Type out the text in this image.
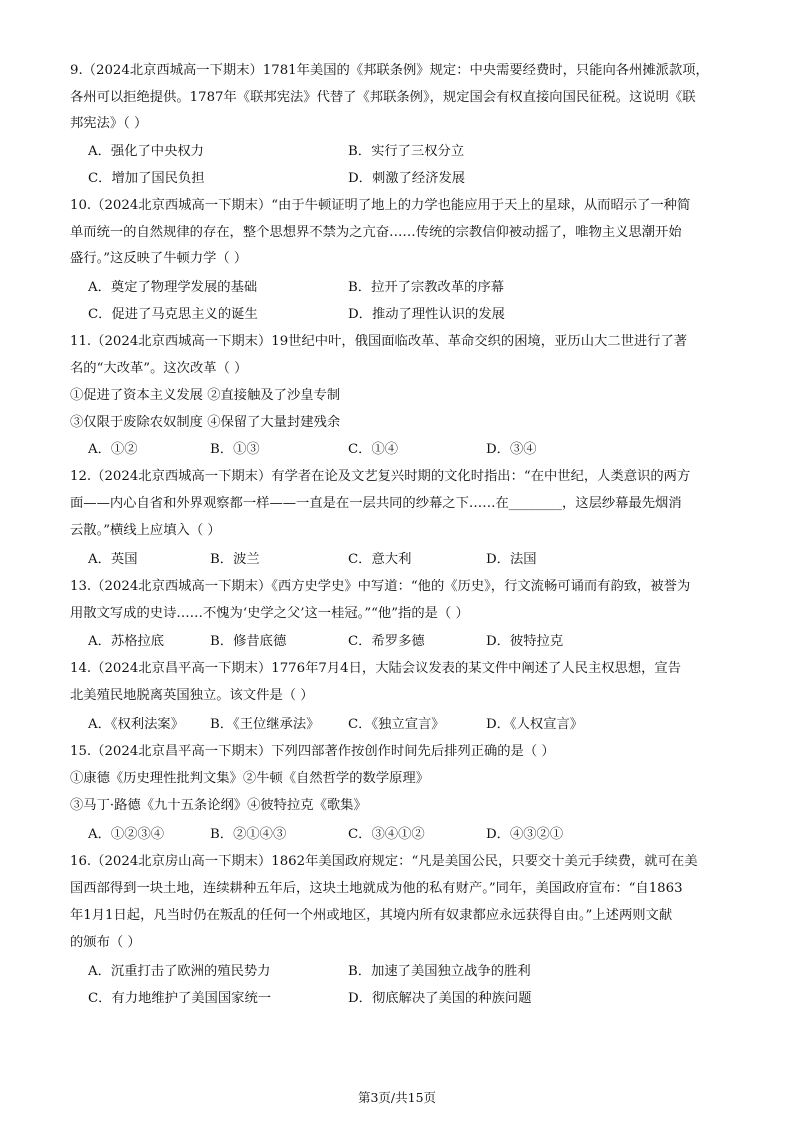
9.（2024北京西城高一下期末）1781年美国的《邦联条例》规定：中央需要经费时，只能向各州摊派款项，
各州可以拒绝提供。1787年《联邦宪法》代替了《邦联条例》，规定国会有权直接向国民征税。这说明《联
邦宪法》（ ）
A．强化了中央权力	B．实行了三权分立
C．增加了国民负担	D．刺激了经济发展
10.（2024北京西城高一下期末）“由于牛顿证明了地上的力学也能应用于天上的星球，从而昭示了一种简
单而统一的自然规律的存在，整个思想界不禁为之亢奋……传统的宗教信仰被动摇了，唯物主义思潮开始
盛行。”这反映了牛顿力学（ ）
A．奠定了物理学发展的基础	B．拉开了宗教改革的序幕
C．促进了马克思主义的诞生	D．推动了理性认识的发展
11.（2024北京西城高一下期末）19世纪中叶，俄国面临改革、革命交织的困境，亚历山大二世进行了著
名的“大改革”。这次改革（ ）
①促进了资本主义发展 ②直接触及了沙皇专制
③仅限于废除农奴制度 ④保留了大量封建残余
A．①②	B．①③	C．①④	D．③④
12.（2024北京西城高一下期末）有学者在论及文艺复兴时期的文化时指出：“在中世纪，人类意识的两方
面——内心自省和外界观察都一样——一直是在一层共同的纱幕之下……在________，这层纱幕最先烟消
云散。”横线上应填入（ ）
A．英国	B．波兰	C．意大利	D．法国
13.（2024北京西城高一下期末）《西方史学史》中写道：“他的《历史》，行文流畅可诵而有韵致，被誉为
用散文写成的史诗……不愧为‘史学之父’这一桂冠。”“他”指的是（ ）
A．苏格拉底	B．修昔底德	C．希罗多德	D．彼特拉克
14.（2024北京昌平高一下期末）1776年7月4日，大陆会议发表的某文件中阐述了人民主权思想，宣告
北美殖民地脱离英国独立。该文件是（ ）
A．《权利法案》 B．《王位继承法》 C．《独立宣言》	D．《人权宣言》
15.（2024北京昌平高一下期末）下列四部著作按创作时间先后排列正确的是（ ）
①康德《历史理性批判文集》②牛顿《自然哲学的数学原理》
③马丁·路德《九十五条论纲》④彼特拉克《歌集》
A．①②③④	B．②①④③	C．③④①②	D．④③②①
16.（2024北京房山高一下期末）1862年美国政府规定：“凡是美国公民，只要交十美元手续费，就可在美
国西部得到一块土地，连续耕种五年后，这块土地就成为他的私有财产。”同年，美国政府宣布：“自1863
年1月1日起，凡当时仍在叛乱的任何一个州或地区，其境内所有奴隶都应永远获得自由。”上述两则文献
的颁布（ ）
A．沉重打击了欧洲的殖民势力	B．加速了美国独立战争的胜利
C．有力地维护了美国国家统一	D．彻底解决了美国的种族问题
第3页/共15页
